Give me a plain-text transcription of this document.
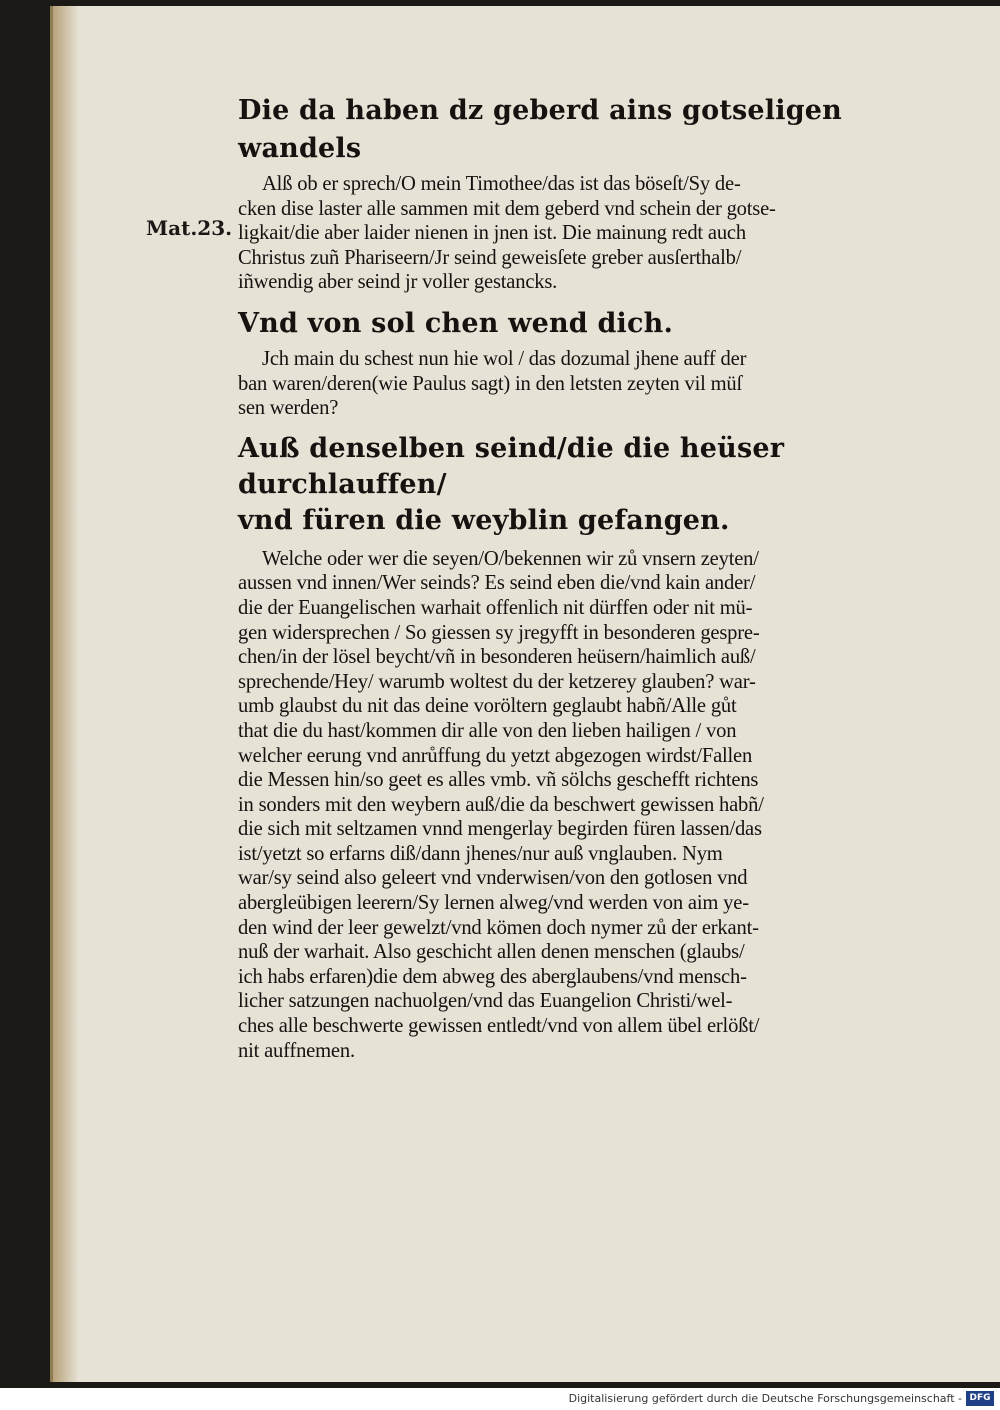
Mat.23.
Die da haben dz geberd ains gotseligen wandels
Alß ob er sprech/O mein Timothee/das ist das böseſt/Sy de-
cken dise laster alle sammen mit dem geberd vnd schein der gotse-
ligkait/die aber laider nienen in jnen ist. Die mainung redt auch
Christus zuñ Phariseern/Jr seind geweisſete greber ausſerthalb/
iñwendig aber seind jr voller gestancks.
Vnd von sol chen wend dich.
Jch main du schest nun hie wol / das dozumal jhene auff der
ban waren/deren(wie Paulus sagt) in den letsten zeyten vil müſ
sen werden?
Auß denselben seind/die die heüser durchlauffen/
vnd füren die weyblin gefangen.
Welche oder wer die seyen/O/bekennen wir zů vnsern zeyten/
aussen vnd innen/Wer seinds? Es seind eben die/vnd kain ander/
die der Euangelischen warhait offenlich nit dürffen oder nit mü-
gen widersprechen / So giessen sy jregyfft in besonderen gespre-
chen/in der lösel beycht/vñ in besonderen heüsern/haimlich auß/
sprechende/Hey/ warumb woltest du der ketzerey glauben? war-
umb glaubst du nit das deine voröltern geglaubt habñ/Alle gůt
that die du hast/kommen dir alle von den lieben hailigen / von
welcher eerung vnd anrůffung du yetzt abgezogen wirdst/Fallen
die Messen hin/so geet es alles vmb. vñ sölchs geschefft richtens
in sonders mit den weybern auß/die da beschwert gewissen habñ/
die sich mit seltzamen vnnd mengerlay begirden füren lassen/das
ist/yetzt so erfarns diß/dann jhenes/nur auß vnglauben. Nym
war/sy seind also geleert vnd vnderwisen/von den gotlosen vnd
abergleübigen leerern/Sy lernen alweg/vnd werden von aim ye-
den wind der leer gewelzt/vnd kömen doch nymer zů der erkant-
nuß der warhait. Also geschicht allen denen menschen (glaubs/
ich habs erfaren)die dem abweg des aberglaubens/vnd mensch-
licher satzungen nachuolgen/vnd das Euangelion Christi/wel-
ches alle beschwerte gewissen entledt/vnd von allem übel erlößt/
nit auffnemen.
Digitalisierung gefördert durch die Deutsche Forschungsgemeinschaft - DFG
